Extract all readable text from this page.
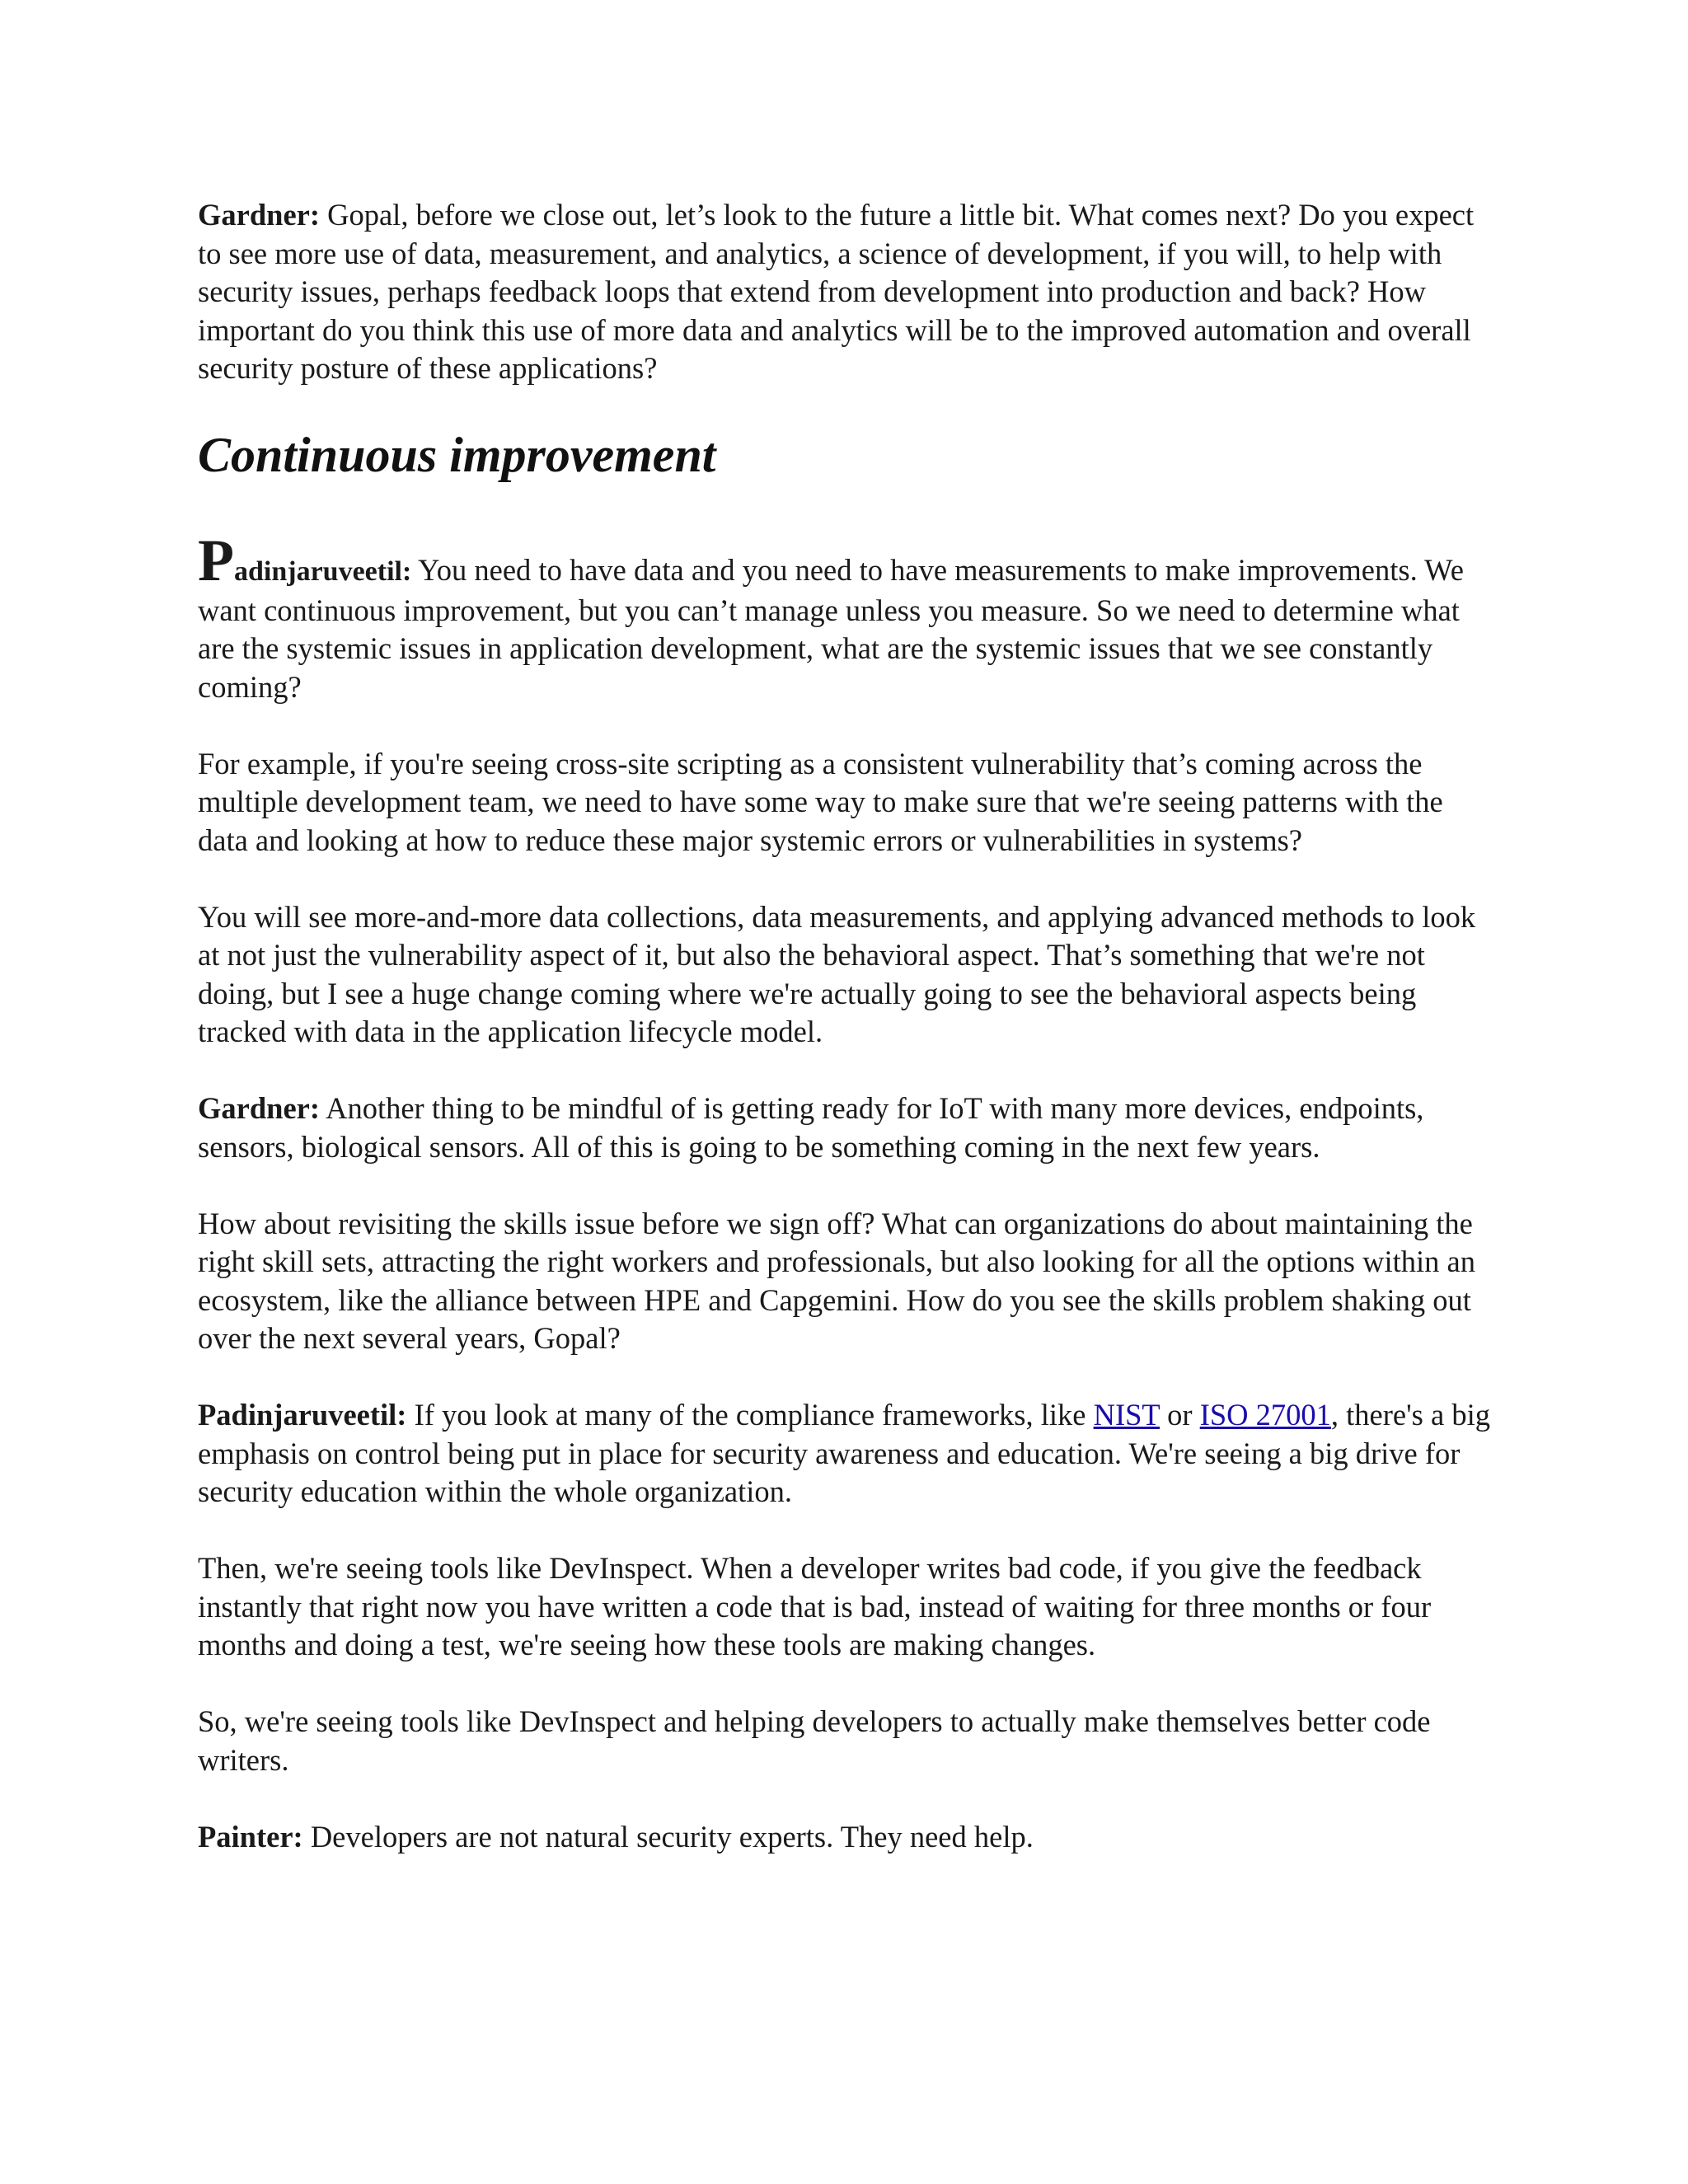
Gardner: Gopal, before we close out, let’s look to the future a little bit. What comes next? Do you expect to see more use of data, measurement, and analytics, a science of development, if you will, to help with security issues, perhaps feedback loops that extend from development into production and back? How important do you think this use of more data and analytics will be to the improved automation and overall security posture of these applications?

Continuous improvement

Padinjaruveetil: You need to have data and you need to have measurements to make improvements. We want continuous improvement, but you can’t manage unless you measure. So we need to determine what are the systemic issues in application development, what are the systemic issues that we see constantly coming?

For example, if you're seeing cross-site scripting as a consistent vulnerability that’s coming across the multiple development team, we need to have some way to make sure that we're seeing patterns with the data and looking at how to reduce these major systemic errors or vulnerabilities in systems?

You will see more-and-more data collections, data measurements, and applying advanced methods to look at not just the vulnerability aspect of it, but also the behavioral aspect. That’s something that we're not doing, but I see a huge change coming where we're actually going to see the behavioral aspects being tracked with data in the application lifecycle model.

Gardner: Another thing to be mindful of is getting ready for IoT with many more devices, endpoints, sensors, biological sensors. All of this is going to be something coming in the next few years.

How about revisiting the skills issue before we sign off? What can organizations do about maintaining the right skill sets, attracting the right workers and professionals, but also looking for all the options within an ecosystem, like the alliance between HPE and Capgemini. How do you see the skills problem shaking out over the next several years, Gopal?

Padinjaruveetil: If you look at many of the compliance frameworks, like NIST or ISO 27001, there's a big emphasis on control being put in place for security awareness and education. We're seeing a big drive for security education within the whole organization.

Then, we're seeing tools like DevInspect. When a developer writes bad code, if you give the feedback instantly that right now you have written a code that is bad, instead of waiting for three months or four months and doing a test, we're seeing how these tools are making changes.

So, we're seeing tools like DevInspect and helping developers to actually make themselves better code writers.

Painter: Developers are not natural security experts. They need help.
